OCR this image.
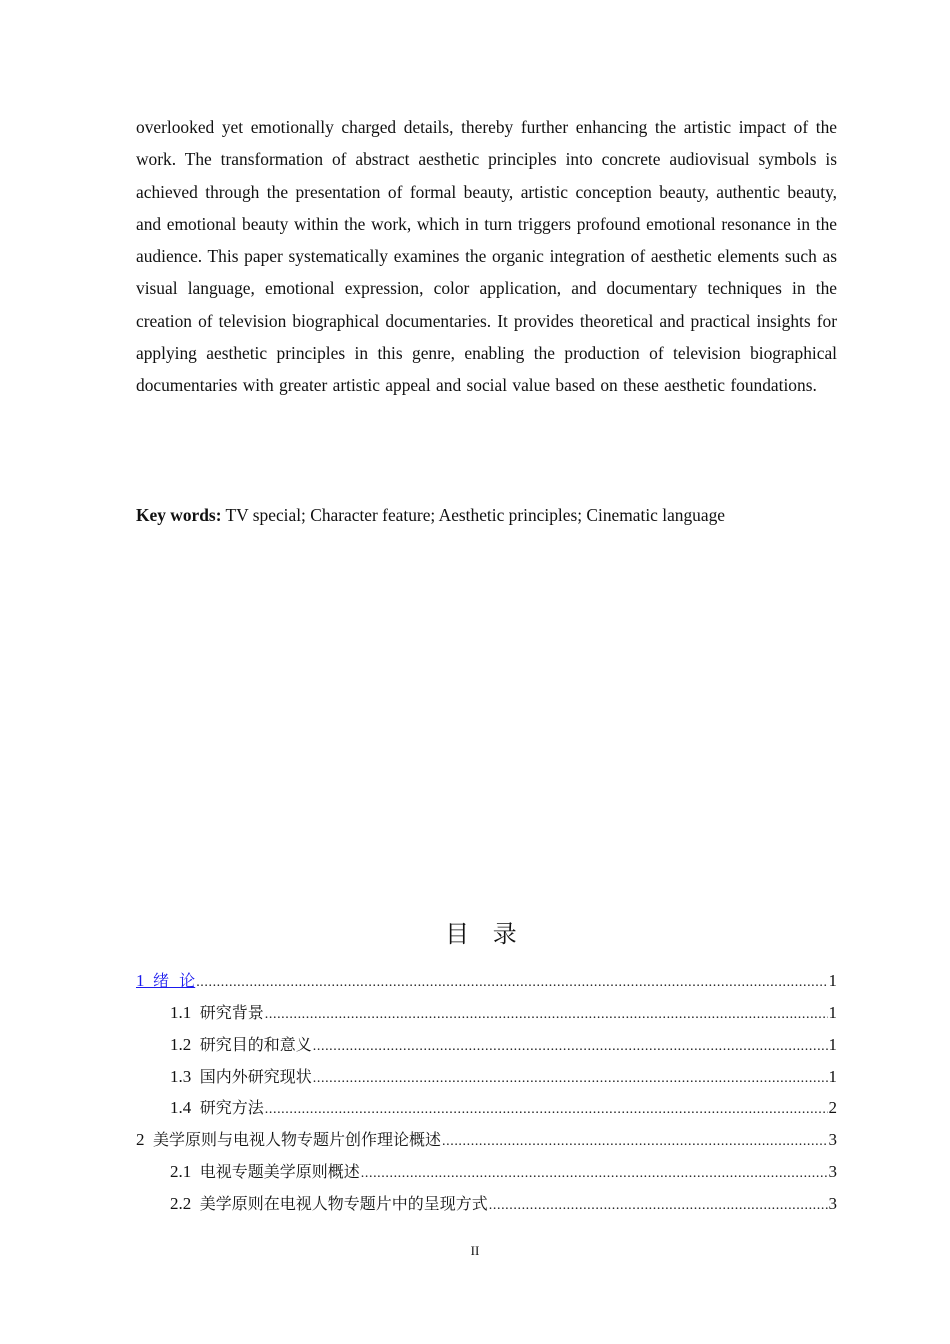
overlooked yet emotionally charged details, thereby further enhancing the artistic impact of the work. The transformation of abstract aesthetic principles into concrete audiovisual symbols is achieved through the presentation of formal beauty, artistic conception beauty, authentic beauty, and emotional beauty within the work, which in turn triggers profound emotional resonance in the audience. This paper systematically examines the organic integration of aesthetic elements such as visual language, emotional expression, color application, and documentary techniques in the creation of television biographical documentaries. It provides theoretical and practical insights for applying aesthetic principles in this genre, enabling the production of television biographical documentaries with greater artistic appeal and social value based on these aesthetic foundations.
Key words: TV special; Character feature; Aesthetic principles; Cinematic language
目 录
1 绪  论 .....	1
1.1 研究背景 .....	1
1.2 研究目的和意义 .....	1
1.3 国内外研究现状 .....	1
1.4 研究方法 .....	2
2 美学原则与电视人物专题片创作理论概述 .....	3
2.1 电视专题美学原则概述 .....	3
2.2 美学原则在电视人物专题片中的呈现方式 .....	3
II
